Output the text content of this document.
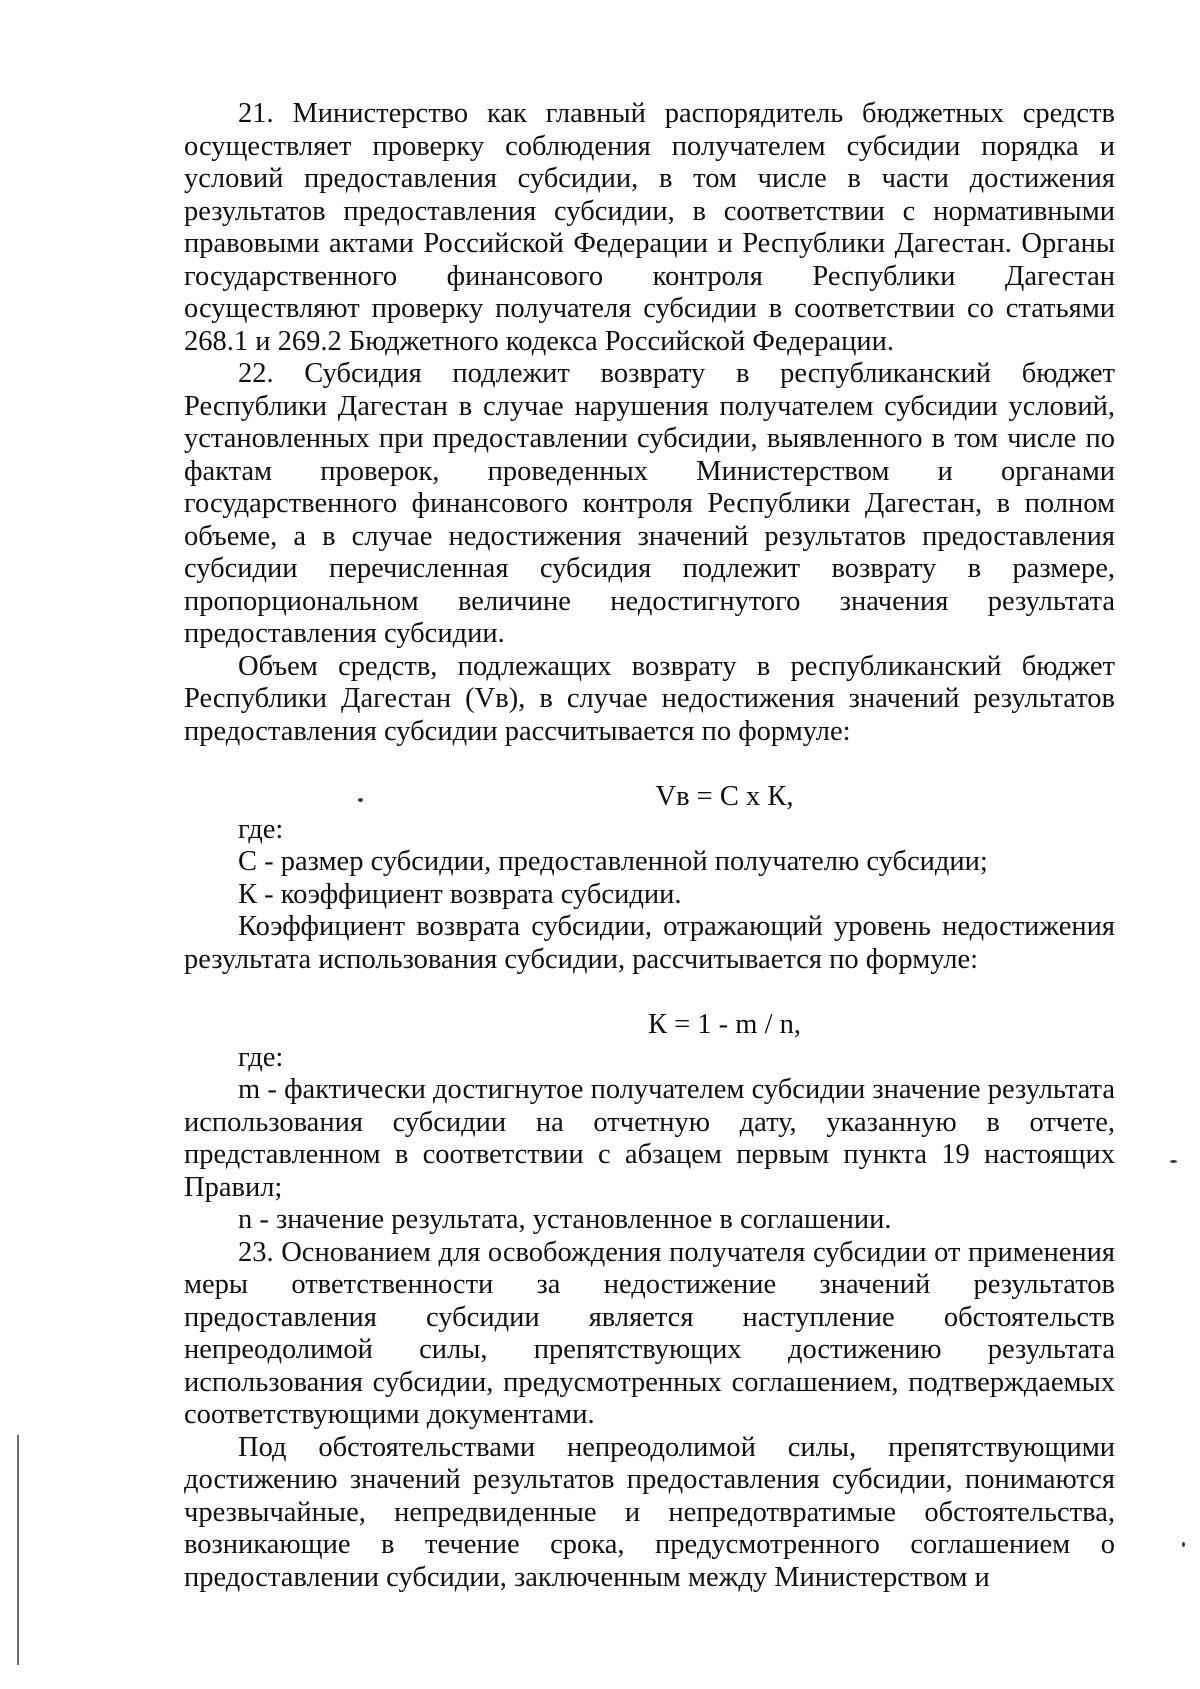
21. Министерство как главный распорядитель бюджетных средств осуществляет проверку соблюдения получателем субсидии порядка и условий предоставления субсидии, в том числе в части достижения результатов предоставления субсидии, в соответствии с нормативными правовыми актами Российской Федерации и Республики Дагестан. Органы государственного финансового контроля Республики Дагестан осуществляют проверку получателя субсидии в соответствии со статьями 268.1 и 269.2 Бюджетного кодекса Российской Федерации.

22. Субсидия подлежит возврату в республиканский бюджет Республики Дагестан в случае нарушения получателем субсидии условий, установленных при предоставлении субсидии, выявленного в том числе по фактам проверок, проведенных Министерством и органами государственного финансового контроля Республики Дагестан, в полном объеме, а в случае недостижения значений результатов предоставления субсидии перечисленная субсидия подлежит возврату в размере, пропорциональном величине недостигнутого значения результата предоставления субсидии.

Объем средств, подлежащих возврату в республиканский бюджет Республики Дагестан (Vв), в случае недостижения значений результатов предоставления субсидии рассчитывается по формуле:

Vв = С х К,

где:

С - размер субсидии, предоставленной получателю субсидии;

К - коэффициент возврата субсидии.

Коэффициент возврата субсидии, отражающий уровень недостижения результата использования субсидии, рассчитывается по формуле:

К = 1 - m / n,

где:

m - фактически достигнутое получателем субсидии значение результата использования субсидии на отчетную дату, указанную в отчете, представленном в соответствии с абзацем первым пункта 19 настоящих Правил;

n - значение результата, установленное в соглашении.

23. Основанием для освобождения получателя субсидии от применения меры ответственности за недостижение значений результатов предоставления субсидии является наступление обстоятельств непреодолимой силы, препятствующих достижению результата использования субсидии, предусмотренных соглашением, подтверждаемых соответствующими документами.

Под обстоятельствами непреодолимой силы, препятствующими достижению значений результатов предоставления субсидии, понимаются чрезвычайные, непредвиденные и непредотвратимые обстоятельства, возникающие в течение срока, предусмотренного соглашением о предоставлении субсидии, заключенным между Министерством и
